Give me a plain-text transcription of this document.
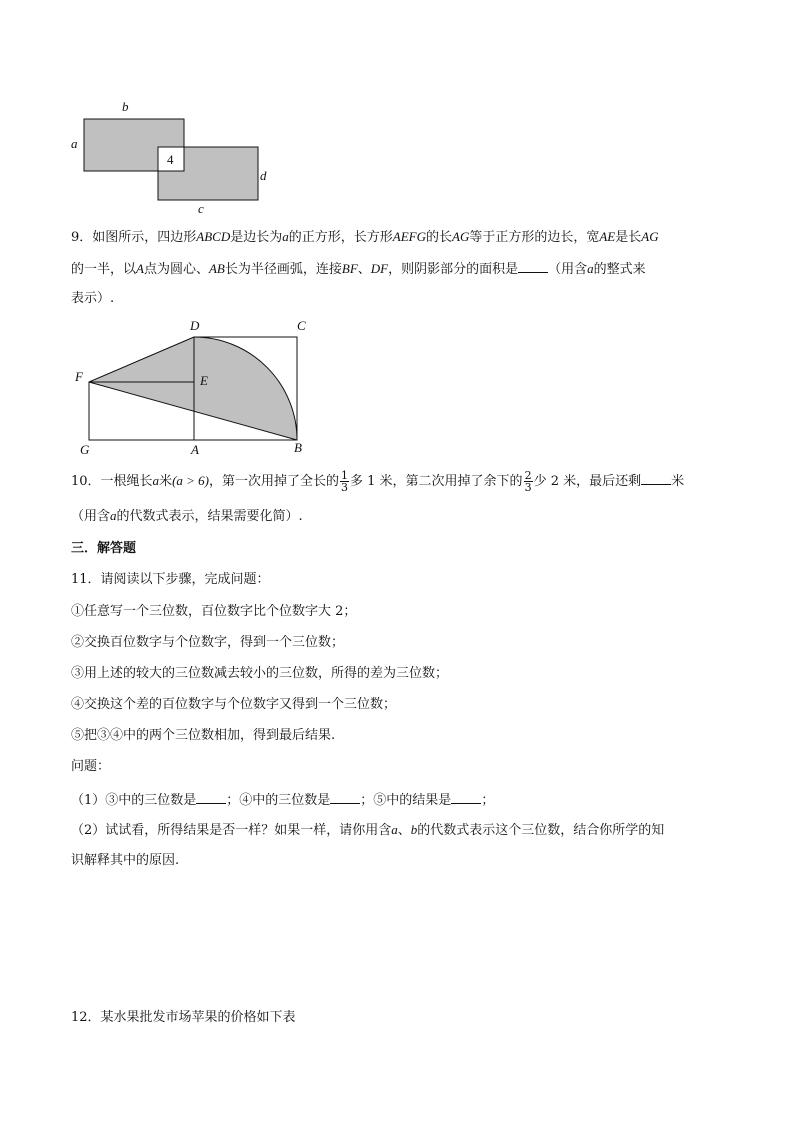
b
a
4
d
c
9．如图所示，四边形ABCD是边长为a的正方形，长方形AEFG的长AG等于正方形的边长，宽AE是长AG
的一半，以A点为圆心、AB长为半径画弧，连接BF、DF，则阴影部分的面积是 （用含a的整式来
表示）.
D	C
F	E
G	A	B
10．一根绳长a米(a > 6)，第一次用掉了全长的 $\frac{1}{3}$ 多 1 米，第二次用掉了余下的 $\frac{2}{3}$ 少 2 米，最后还剩 米
（用含a的代数式表示，结果需要化简）.
三．解答题
11．请阅读以下步骤，完成问题：
①任意写一个三位数，百位数字比个位数字大 2；
②交换百位数字与个位数字，得到一个三位数；
③用上述的较大的三位数减去较小的三位数，所得的差为三位数；
④交换这个差的百位数字与个位数字又得到一个三位数；
⑤把③④中的两个三位数相加，得到最后结果.
问题：
（1）③中的三位数是 ；④中的三位数是 ；⑤中的结果是 ；
（2）试试看，所得结果是否一样？如果一样，请你用含a、b的代数式表示这个三位数，结合你所学的知
识解释其中的原因.
12．某水果批发市场苹果的价格如下表
